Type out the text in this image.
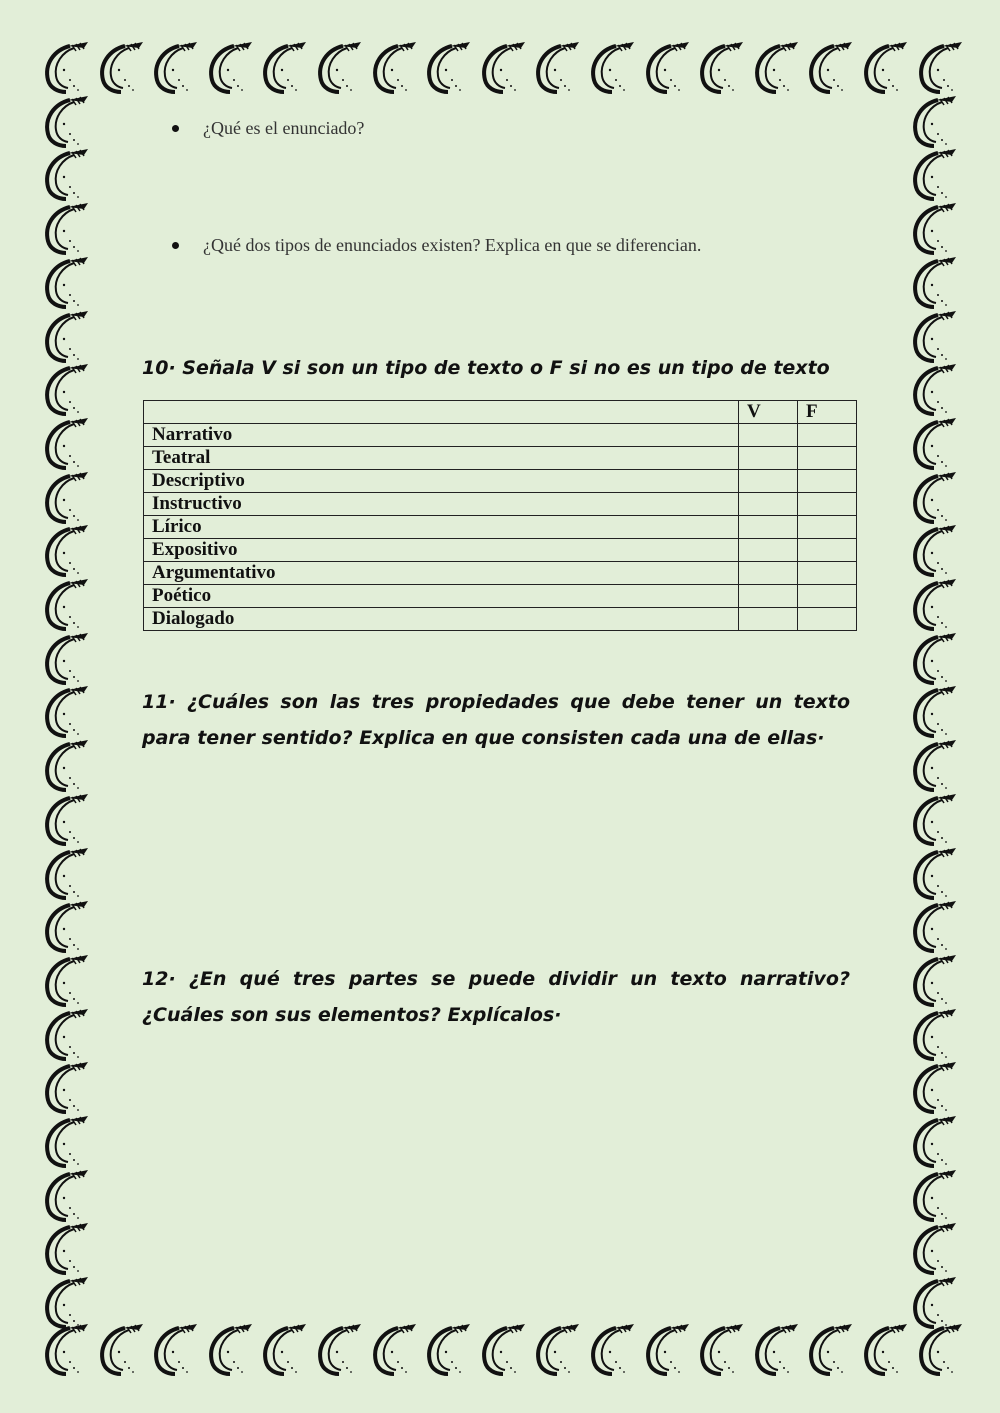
¿Qué es el enunciado?
¿Qué dos tipos de enunciados existen? Explica en que se diferencian.
10· Señala V si son un tipo de texto o F si no es un tipo de texto
	V	F
Narrativo		
Teatral		
Descriptivo		
Instructivo		
Lírico		
Expositivo		
Argumentativo		
Poético		
Dialogado		
11· ¿Cuáles son las tres propiedades que debe tener un texto para tener sentido? Explica en que consisten cada una de ellas·
12· ¿En qué tres partes se puede dividir un texto narrativo? ¿Cuáles son sus elementos? Explícalos·
